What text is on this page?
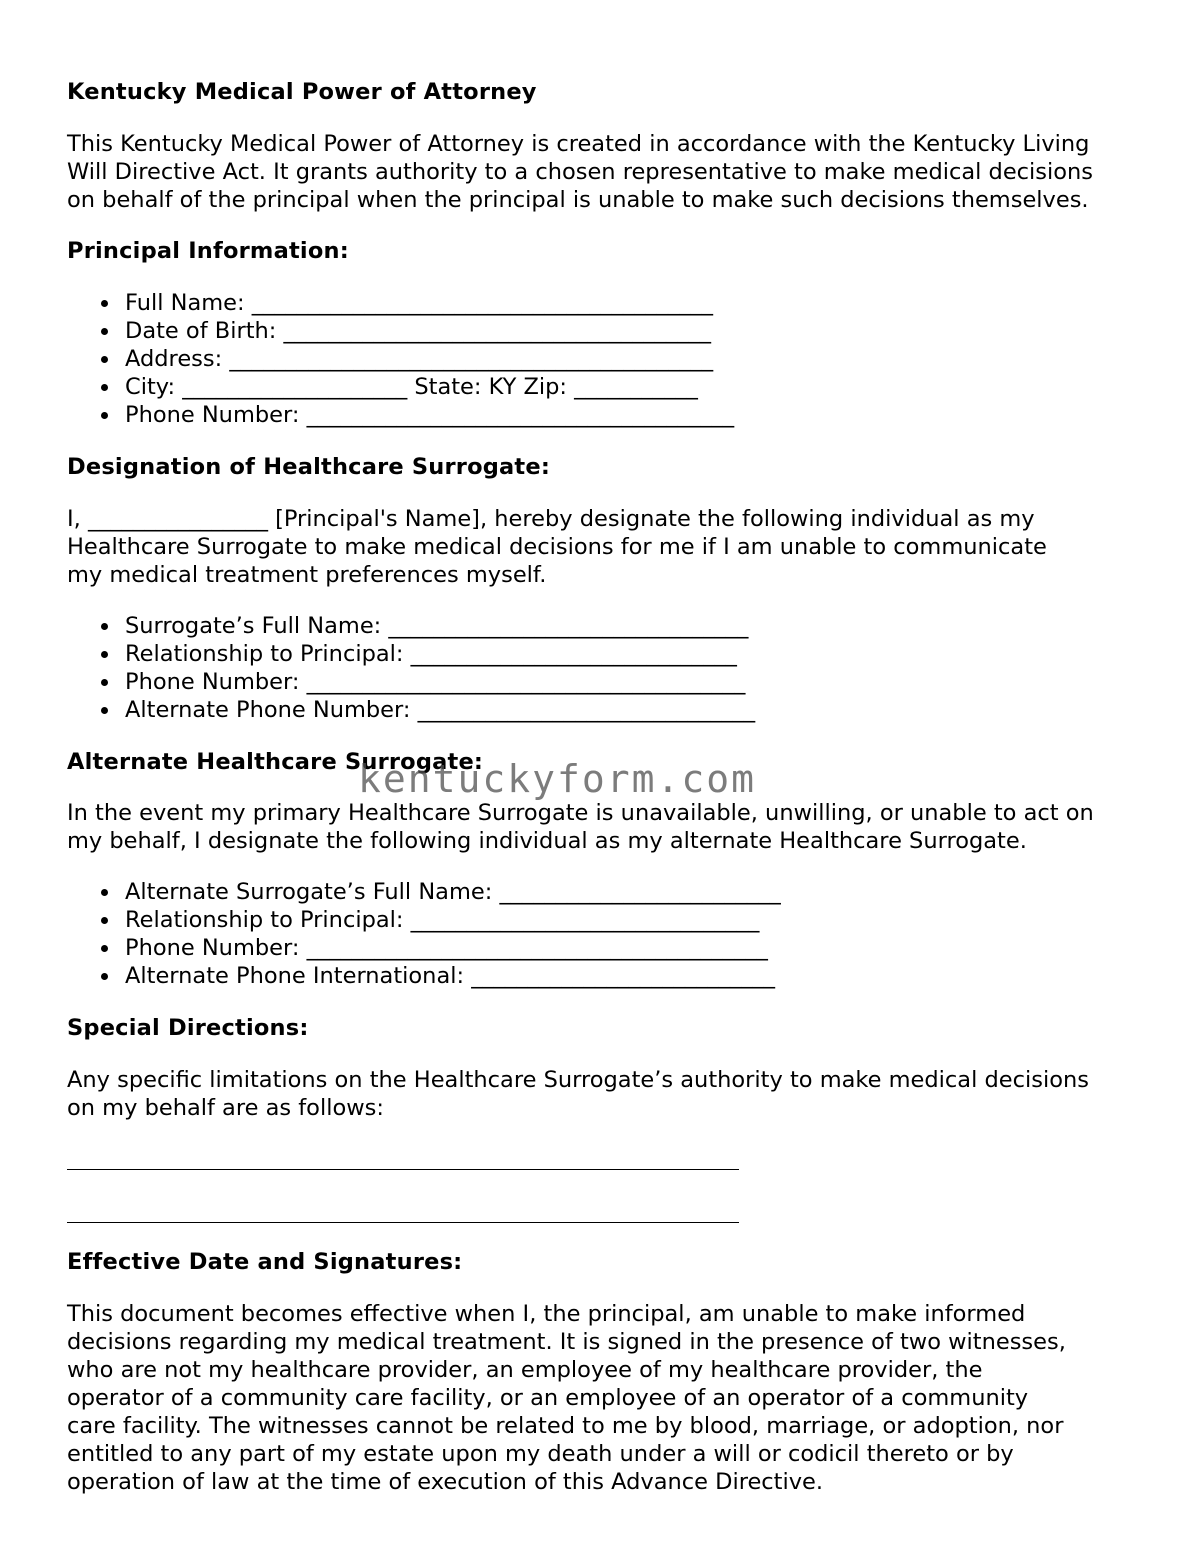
Kentucky Medical Power of Attorney

This Kentucky Medical Power of Attorney is created in accordance with the Kentucky Living

Will Directive Act. It grants authority to a chosen representative to make medical decisions

on behalf of the principal when the principal is unable to make such decisions themselves.

Principal Information:
Full Name: _________________________________________
Date of Birth: ______________________________________
Address: ___________________________________________
City: ____________________ State: KY Zip: ___________
Phone Number: ______________________________________
Designation of Healthcare Surrogate:

I, ________________ [Principal's Name], hereby designate the following individual as my

Healthcare Surrogate to make medical decisions for me if I am unable to communicate

my medical treatment preferences myself.

Surrogate’s Full Name: ________________________________
Relationship to Principal: _____________________________
Phone Number: _______________________________________
Alternate Phone Number: ______________________________
Alternate Healthcare Surrogate:

In the event my primary Healthcare Surrogate is unavailable, unwilling, or unable to act on

my behalf, I designate the following individual as my alternate Healthcare Surrogate.

Alternate Surrogate’s Full Name: _________________________
Relationship to Principal: _______________________________
Phone Number: _________________________________________
Alternate Phone International: ___________________________
Special Directions:

Any specific limitations on the Healthcare Surrogate’s authority to make medical decisions

on my behalf are as follows:

Effective Date and Signatures:

This document becomes effective when I, the principal, am unable to make informed

decisions regarding my medical treatment. It is signed in the presence of two witnesses,

who are not my healthcare provider, an employee of my healthcare provider, the

operator of a community care facility, or an employee of an operator of a community

care facility. The witnesses cannot be related to me by blood, marriage, or adoption, nor

entitled to any part of my estate upon my death under a will or codicil thereto or by

operation of law at the time of execution of this Advance Directive.

kentuckyform.com
